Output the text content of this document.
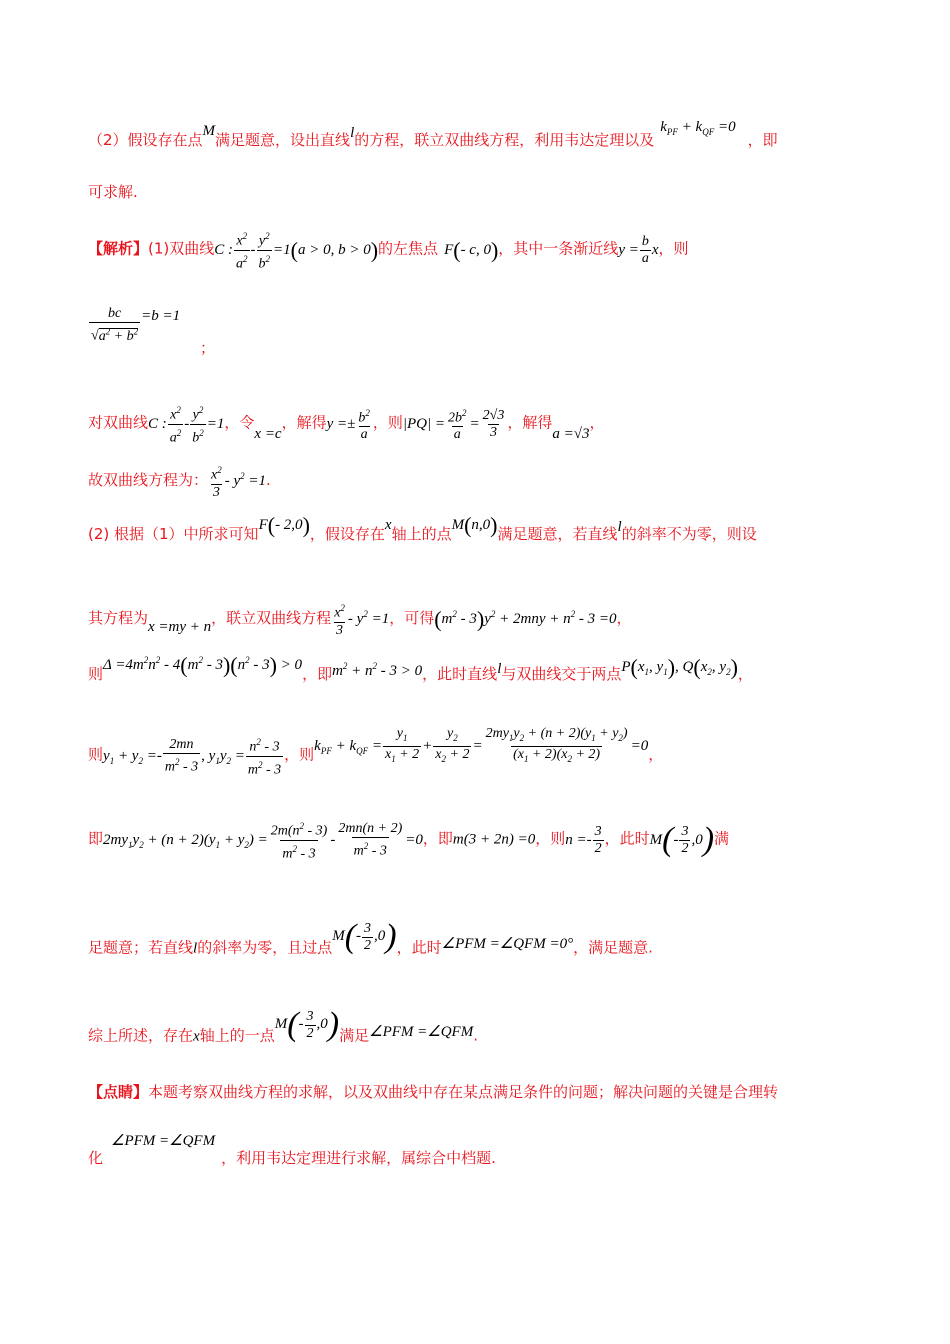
（2）假设存在点M满足题意，设出直线l的方程，联立双曲线方程，利用韦达定理以及$k_{PF} + k_{QF} =0$，即
可求解.
【解析】(1)双曲线C : $\frac{x^2}{a^2} - \frac{y^2}{b^2} =1(a > 0$, b > 0)的左焦点 F(- c, 0)，其中一条渐近线$y = \frac{b}{a}$ x，则
$\frac{bc}{√a^2 + b^2} =b =1$
；
对双曲线C : $\frac{x^2}{a^2} - \frac{y^2}{b^2} =1$，令x =c，解得$y =\pm \frac{b^2}{a}$ ，则$|PQ| = \frac{2b^2}{a} = \frac{2√3}{3}$ ，解得a =√3，
故双曲线方程为： $\frac{x^2}{3} - y^2 =1$.
(2) 根据（1）中所求可知F(- 2,0)，假设存在x轴上的点M(n,0)满足题意，若直线l的斜率不为零，则设
其方程为x =my + n，联立双曲线方程 $\frac{x^2}{3} - y^2 =1$，可得$(m^2 - 3)y^2 + 2mny + n^2 - 3 =0$，
则$\Delta =4m^2n^2 - 4(m^2 - 3)(n^2 - 3) > 0$，即$m^2 + n^2 - 3 > 0$，此时直线l与双曲线交于两点$P(x_1$, $y_1$), $Q(x_2$, $y_2$)，
则$y_1 + y_2 =- \frac{2mn}{m^2 - 3}$ , $y_1y_2 = \frac{n^2 - 3}{m^2 - 3}$ ，则$k_{PF} + k_{QF} = \frac{y_1}{x_1 + 2} + \frac{y_2}{x_2 + 2} = \frac{2my_1y_2 + (n + 2)(y_1 + y_2)}{(x_1 + 2)(x_2 + 2)} =0$，
即$2my_1y_2 + (n + 2)(y_1 + y_2) = \frac{2m(n^2 - 3)}{m^2 - 3} - \frac{2mn(n + 2)}{m^2 - 3} =0$，即m(3 + 2n) =0，则$n =- \frac{3}{2}$ ，此时$M(- \frac{3}{2} ,0)$满
足题意；若直线l的斜率为零，且过点$M(- \frac{3}{2} ,0)$，此时∠PFM =∠QFM =0°，满足题意.
综上所述，存在x轴上的一点$M(- \frac{3}{2} ,0)$满足∠PFM =∠QFM.
【点睛】本题考察双曲线方程的求解，以及双曲线中存在某点满足条件的问题；解决问题的关键是合理转
化∠PFM =∠QFM，利用韦达定理进行求解，属综合中档题.
